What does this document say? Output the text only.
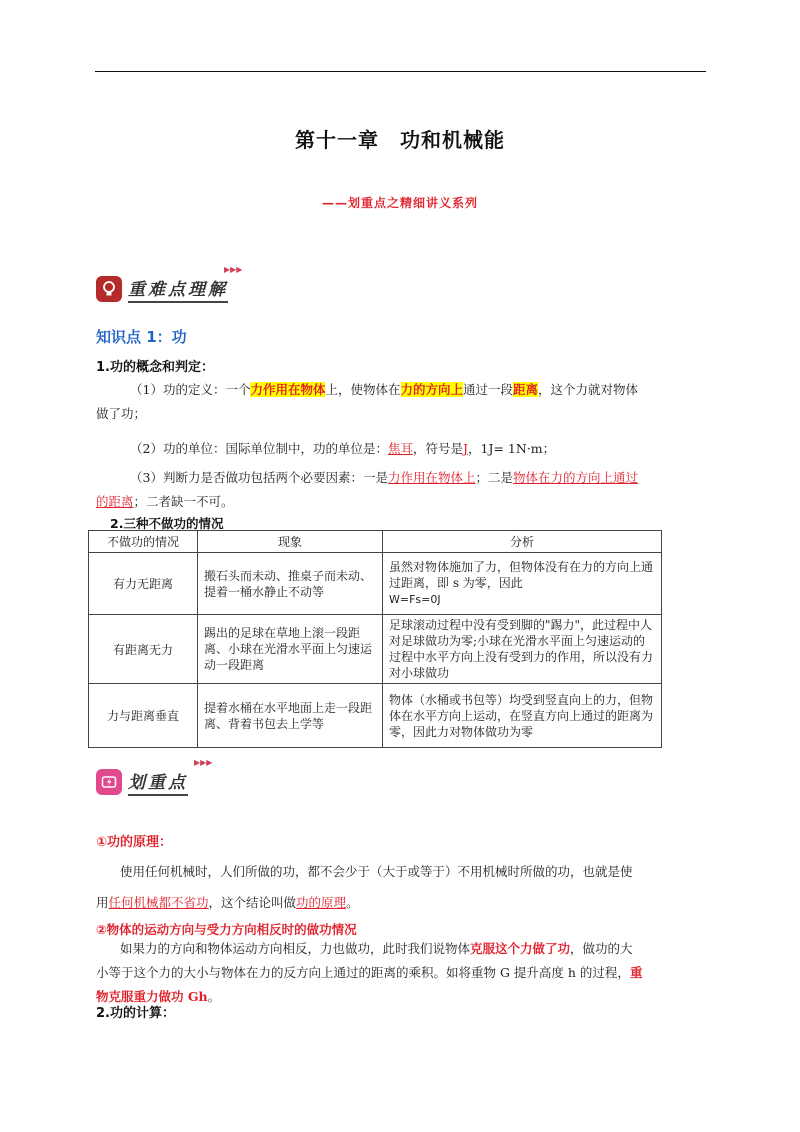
第十一章　功和机械能
——划重点之精细讲义系列
重难点理解
▶▶▶
知识点 1：功
1.功的概念和判定：
（1）功的定义：一个力作用在物体上，使物体在力的方向上通过一段距离，这个力就对物体
做了功；
（2）功的单位：国际单位制中，功的单位是：焦耳，符号是J，1J= 1N·m；
（3）判断力是否做功包括两个必要因素：一是力作用在物体上；二是物体在力的方向上通过
的距离；二者缺一不可。
2.三种不做功的情况
不做功的情况	现象	分析
有力无距离	搬石头而未动、推桌子而未动、提着一桶水静止不动等	虽然对物体施加了力，但物体没有在力的方向上通过距离，即 s 为零，因此
W=Fs=0J
有距离无力	踢出的足球在草地上滚一段距离、小球在光滑水平面上匀速运动一段距离	足球滚动过程中没有受到脚的"踢力"，此过程中人对足球做功为零;小球在光滑水平面上匀速运动的过程中水平方向上没有受到力的作用，所以没有力对小球做功
力与距离垂直	提着水桶在水平地面上走一段距离、背着书包去上学等	物体（水桶或书包等）均受到竖直向上的力，但物体在水平方向上运动，在竖直方向上通过的距离为零，因此力对物体做功为零
划重点
▶▶▶
①功的原理：
使用任何机械时，人们所做的功，都不会少于（大于或等于）不用机械时所做的功，也就是使
用任何机械都不省功，这个结论叫做功的原理。
②物体的运动方向与受力方向相反时的做功情况
如果力的方向和物体运动方向相反，力也做功，此时我们说物体克服这个力做了功，做功的大
小等于这个力的大小与物体在力的反方向上通过的距离的乘积。如将重物 G 提升高度 h 的过程，重
物克服重力做功 Gh。
2.功的计算：
